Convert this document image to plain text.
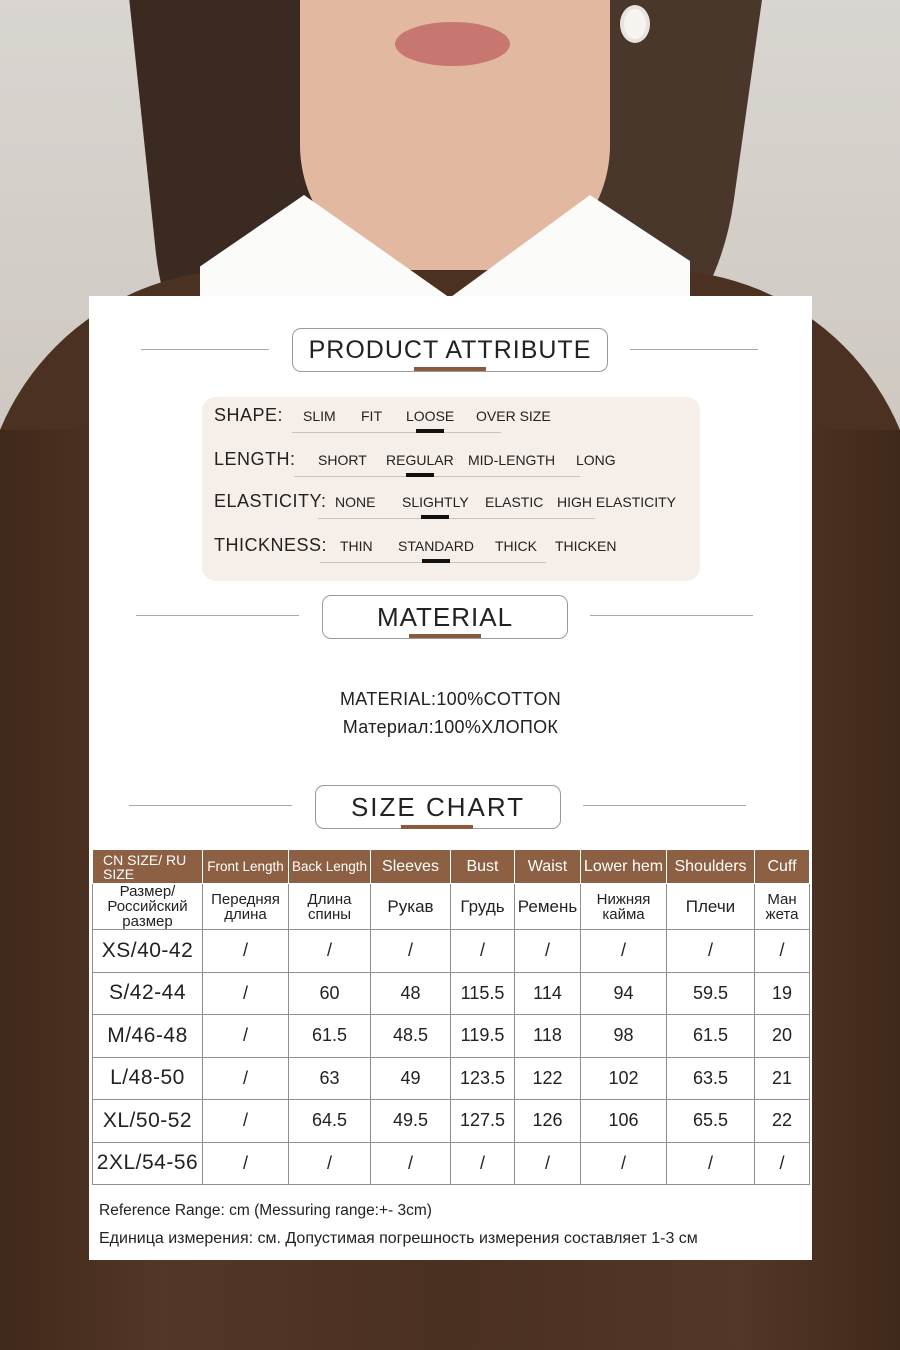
PRODUCT ATTRIBUTE
SHAPE: SLIM FIT LOOSE OVER SIZE
LENGTH: SHORT REGULAR MID-LENGTH LONG
ELASTICITY: NONE SLIGHTLY ELASTIC HIGH ELASTICITY
THICKNESS: THIN STANDARD THICK THICKEN
MATERIAL
MATERIAL:100%COTTON
Материал:100%ХЛОПОК
SIZE CHART
CN SIZE/ RU SIZE	Front Length	Back Length	Sleeves	Bust	Waist	Lower hem	Shoulders	Cuff
Размер/ Российский размер	Передняя длина	Длина спины	Рукав	Грудь	Ремень	Нижняя кайма	Плечи	Ман жета
XS/40-42	/	/	/	/	/	/	/	/
S/42-44	/	60	48	115.5	114	94	59.5	19
M/46-48	/	61.5	48.5	119.5	118	98	61.5	20
L/48-50	/	63	49	123.5	122	102	63.5	21
XL/50-52	/	64.5	49.5	127.5	126	106	65.5	22
2XL/54-56	/	/	/	/	/	/	/	/
Reference Range: cm (Messuring range:+- 3cm)
Единица измерения: см. Допустимая погрешность измерения составляет 1-3 см
